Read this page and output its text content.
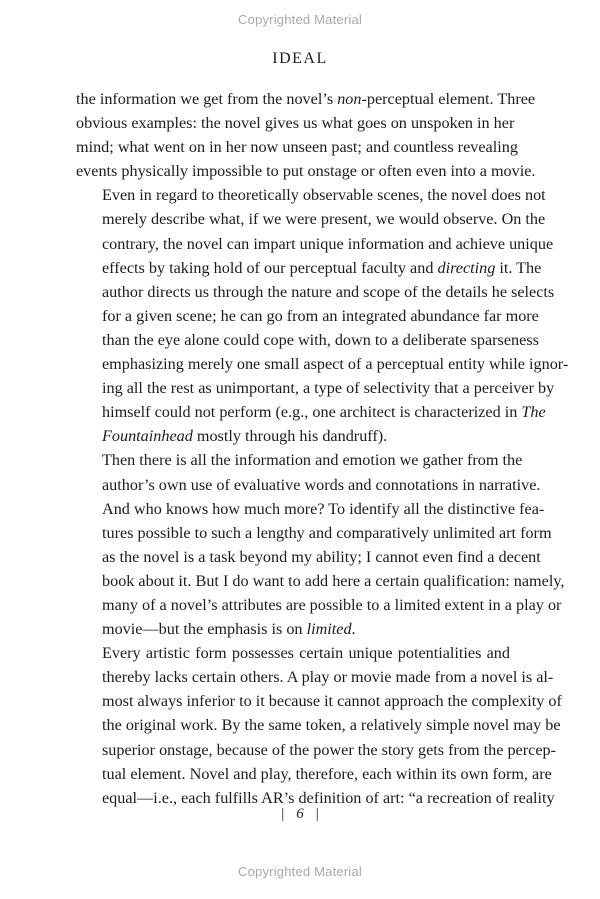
Copyrighted Material
IDEAL

the information we get from the novel’s non-perceptual element. Three
obvious examples: the novel gives us what goes on unspoken in her
mind; what went on in her now unseen past; and countless revealing
events physically impossible to put onstage or often even into a movie.

Even in regard to theoretically observable scenes, the novel does not
merely describe what, if we were present, we would observe. On the
contrary, the novel can impart unique information and achieve unique
effects by taking hold of our perceptual faculty and directing it. The
author directs us through the nature and scope of the details he selects
for a given scene; he can go from an integrated abundance far more
than the eye alone could cope with, down to a deliberate sparseness
emphasizing merely one small aspect of a perceptual entity while ignor-
ing all the rest as unimportant, a type of selectivity that a perceiver by
himself could not perform (e.g., one architect is characterized in The
Fountainhead mostly through his dandruff).

Then there is all the information and emotion we gather from the
author’s own use of evaluative words and connotations in narrative.
And who knows how much more? To identify all the distinctive fea-
tures possible to such a lengthy and comparatively unlimited art form
as the novel is a task beyond my ability; I cannot even find a decent
book about it. But I do want to add here a certain qualification: namely,
many of a novel’s attributes are possible to a limited extent in a play or
movie—but the emphasis is on limited.

Every artistic form possesses certain unique potentialities and
thereby lacks certain others. A play or movie made from a novel is al-
most always inferior to it because it cannot approach the complexity of
the original work. By the same token, a relatively simple novel may be
superior onstage, because of the power the story gets from the percep-
tual element. Novel and play, therefore, each within its own form, are
equal—i.e., each fulfills AR’s definition of art: “a recreation of reality

| 6 |
Copyrighted Material
